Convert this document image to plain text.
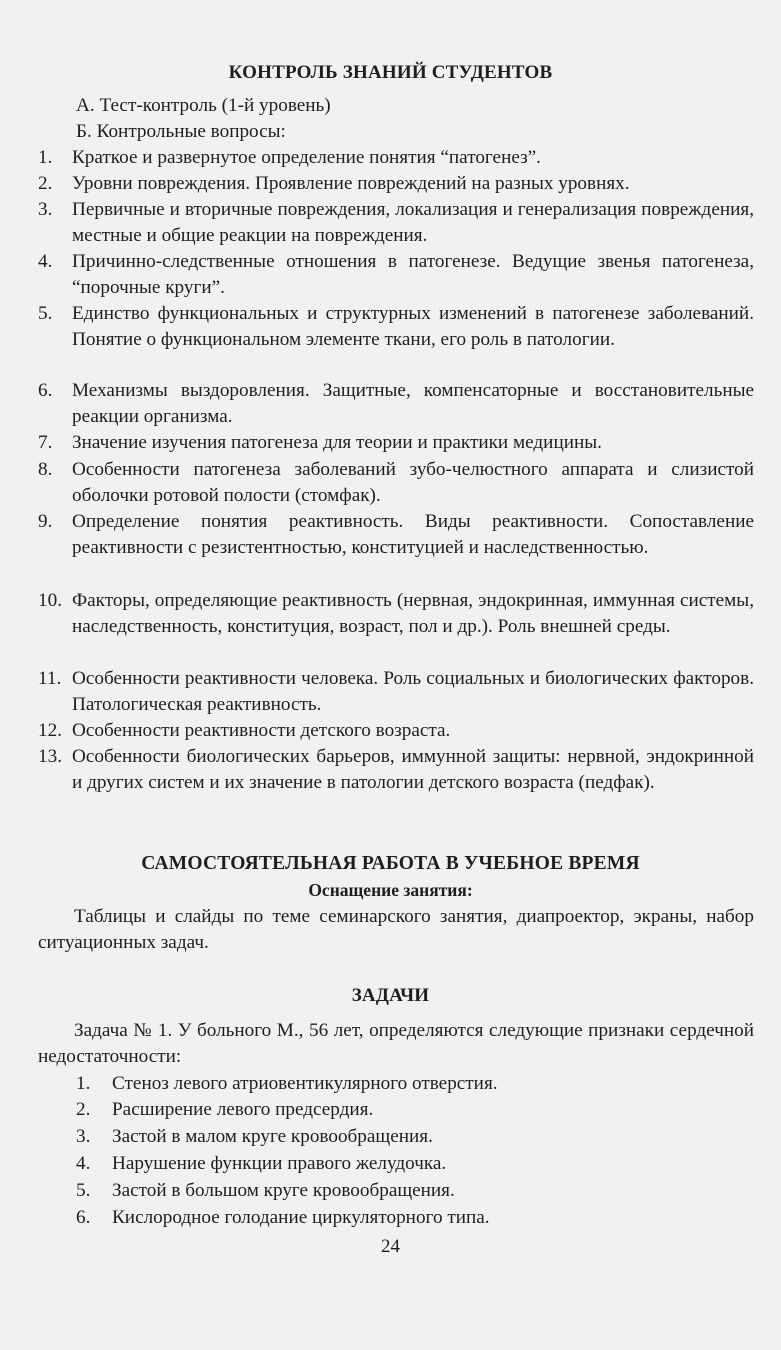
КОНТРОЛЬ ЗНАНИЙ СТУДЕНТОВ
А. Тест-контроль (1-й уровень)
Б. Контрольные вопросы:
1. Краткое и развернутое определение понятия “патогенез”.
2. Уровни повреждения. Проявление повреждений на разных уровнях.
3. Первичные и вторичные повреждения, локализация и генерализация повреждения, местные и общие реакции на повреждения.
4. Причинно-следственные отношения в патогенезе. Ведущие звенья патогенеза, “порочные круги”.
5. Единство функциональных и структурных изменений в патогенезе заболеваний. Понятие о функциональном элементе ткани, его роль в патологии.
6. Механизмы выздоровления. Защитные, компенсаторные и восстановительные реакции организма.
7. Значение изучения патогенеза для теории и практики медицины.
8. Особенности патогенеза заболеваний зубо-челюстного аппарата и слизистой оболочки ротовой полости (стомфак).
9. Определение понятия реактивность. Виды реактивности. Сопоставление реактивности с резистентностью, конституцией и наследственностью.
10. Факторы, определяющие реактивность (нервная, эндокринная, иммунная системы, наследственность, конституция, возраст, пол и др.). Роль внешней среды.
11. Особенности реактивности человека. Роль социальных и биологических факторов. Патологическая реактивность.
12. Особенности реактивности детского возраста.
13. Особенности биологических барьеров, иммунной защиты: нервной, эндокринной и других систем и их значение в патологии детского возраста (педфак).
САМОСТОЯТЕЛЬНАЯ РАБОТА В УЧЕБНОЕ ВРЕМЯ
Оснащение занятия:
Таблицы и слайды по теме семинарского занятия, диапроектор, экраны, набор ситуационных задач.
ЗАДАЧИ
Задача № 1. У больного М., 56 лет, определяются следующие признаки сердечной недостаточности:
1. Стеноз левого атриовентикулярного отверстия.
2. Расширение левого предсердия.
3. Застой в малом круге кровообращения.
4. Нарушение функции правого желудочка.
5. Застой в большом круге кровообращения.
6. Кислородное голодание циркуляторного типа.
24
